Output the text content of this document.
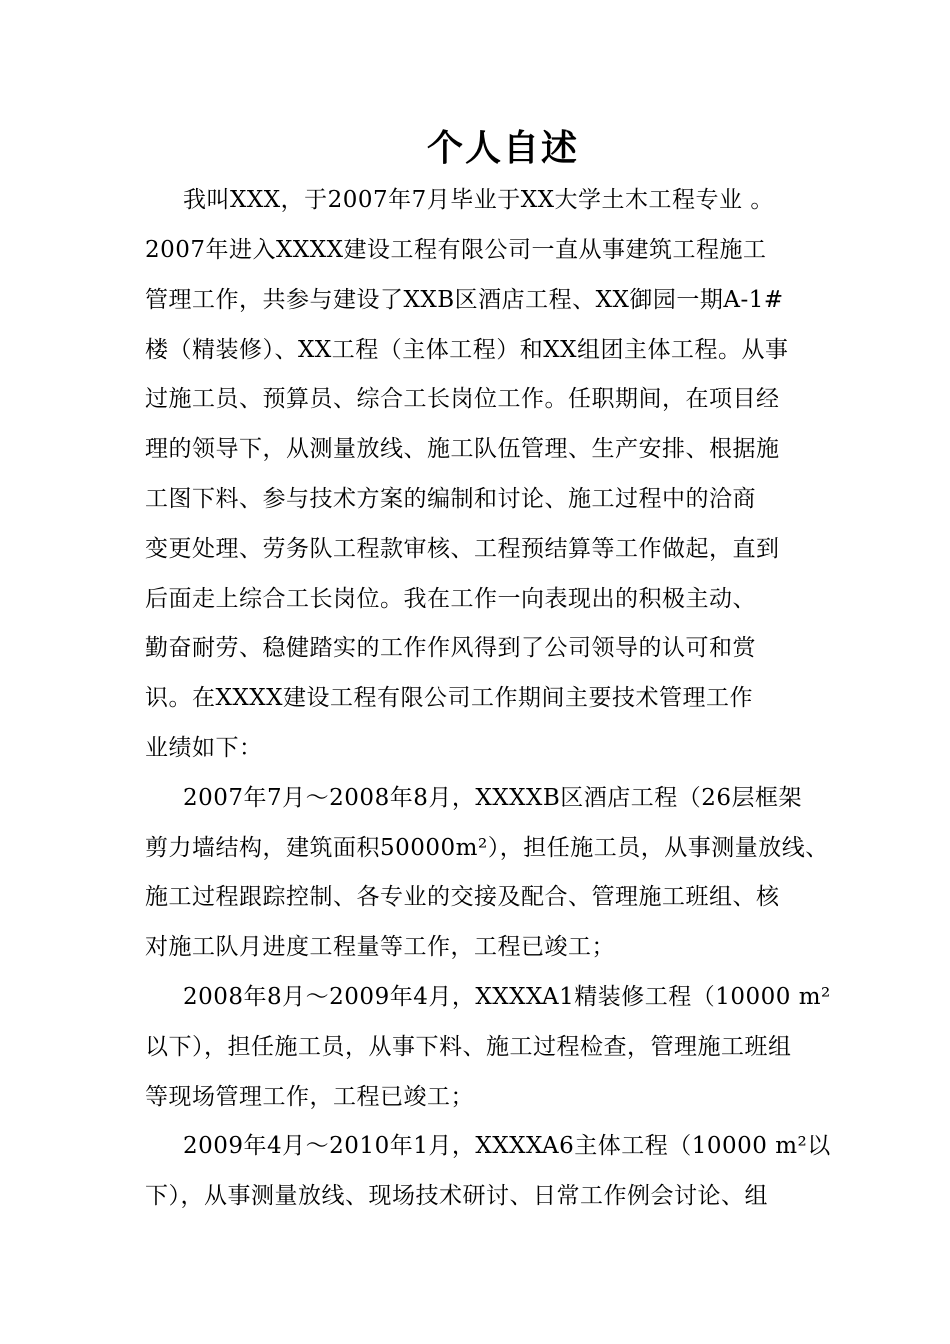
个人自述
我叫XXX，于2007年7月毕业于XX大学土木工程专业 。
2007年进入XXXX建设工程有限公司一直从事建筑工程施工
管理工作，共参与建设了XXB区酒店工程、XX御园一期A-1#
楼（精装修）、XX工程（主体工程）和XX组团主体工程。从事
过施工员、预算员、综合工长岗位工作。任职期间，在项目经
理的领导下，从测量放线、施工队伍管理、生产安排、根据施
工图下料、参与技术方案的编制和讨论、施工过程中的洽商
变更处理、劳务队工程款审核、工程预结算等工作做起，直到
后面走上综合工长岗位。我在工作一向表现出的积极主动、
勤奋耐劳、稳健踏实的工作作风得到了公司领导的认可和赏
识。在XXXX建设工程有限公司工作期间主要技术管理工作
业绩如下：
2007年7月～2008年8月，XXXXB区酒店工程（26层框架
剪力墙结构，建筑面积50000m²），担任施工员，从事测量放线、
施工过程跟踪控制、各专业的交接及配合、管理施工班组、核
对施工队月进度工程量等工作，工程已竣工；
2008年8月～2009年4月，XXXXA1精装修工程（10000 m²
以下），担任施工员，从事下料、施工过程检查，管理施工班组
等现场管理工作，工程已竣工；
2009年4月～2010年1月，XXXXA6主体工程（10000 m²以
下），从事测量放线、现场技术研讨、日常工作例会讨论、组
